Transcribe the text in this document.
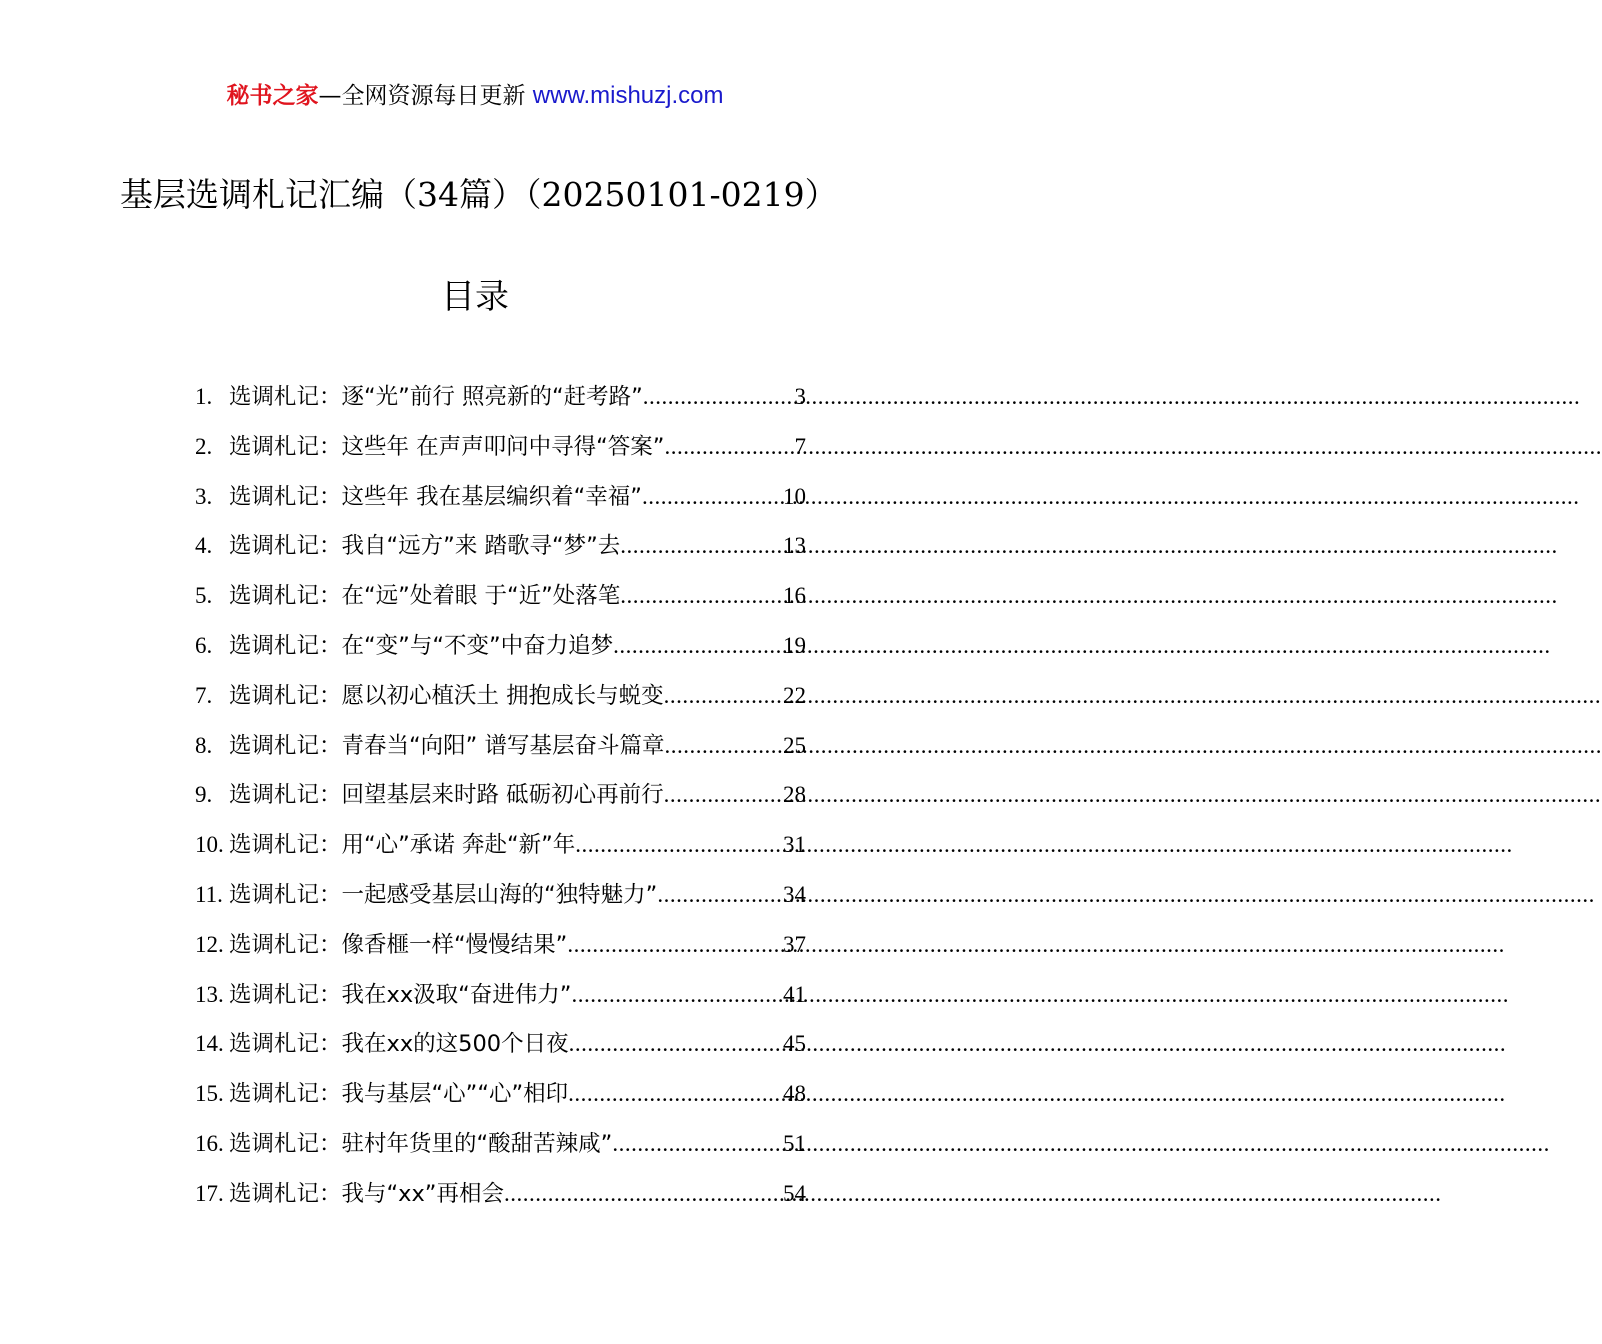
秘书之家—全网资源每日更新 www.mishuzj.com
基层选调札记汇编（34篇）（20250101-0219）
目录
1. 选调札记：逐“光”前行 照亮新的“赶考路” .....	3
2. 选调札记：这些年 在声声叩问中寻得“答案” .....	7
3. 选调札记：这些年 我在基层编织着“幸福” .....	10
4. 选调札记：我自“远方”来 踏歌寻“梦”去 .....	13
5. 选调札记：在“远”处着眼 于“近”处落笔 .....	16
6. 选调札记：在“变”与“不变”中奋力追梦 .....	19
7. 选调札记：愿以初心植沃土 拥抱成长与蜕变 .....	22
8. 选调札记：青春当“向阳” 谱写基层奋斗篇章 .....	25
9. 选调札记：回望基层来时路 砥砺初心再前行 .....	28
10. 选调札记：用“心”承诺 奔赴“新”年 .....	31
11. 选调札记：一起感受基层山海的“独特魅力” .....	34
12. 选调札记：像香榧一样“慢慢结果” .....	37
13. 选调札记：我在xx汲取“奋进伟力” .....	41
14. 选调札记：我在xx的这500个日夜 .....	45
15. 选调札记：我与基层“心”“心”相印 .....	48
16. 选调札记：驻村年货里的“酸甜苦辣咸” .....	51
17. 选调札记：我与“xx”再相会 .....	54
